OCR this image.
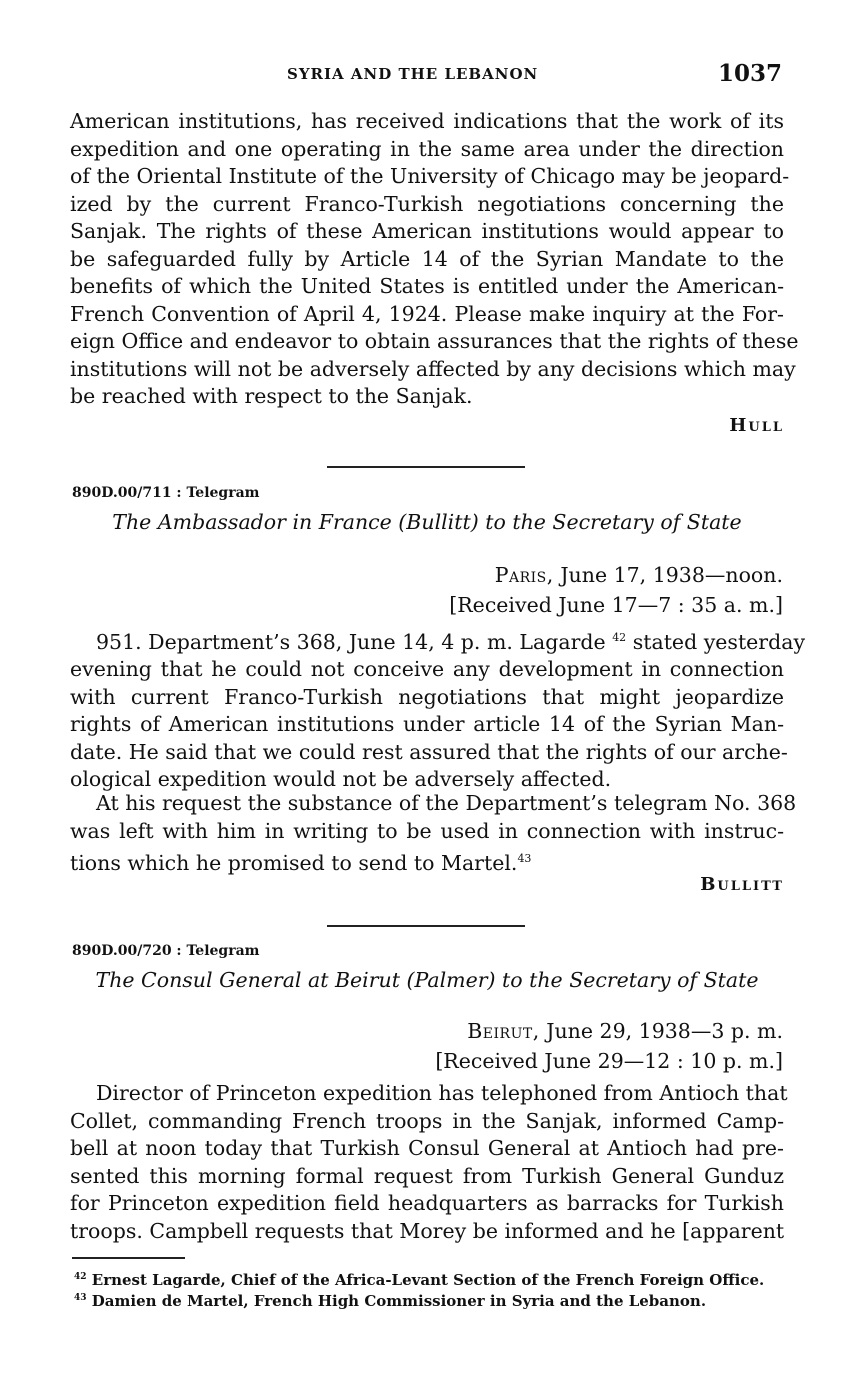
SYRIA AND THE LEBANON	1037
American institutions, has received indications that the work of its
expedition and one operating in the same area under the direction
of the Oriental Institute of the University of Chicago may be jeopard-
ized by the current Franco-Turkish negotiations concerning the
Sanjak. The rights of these American institutions would appear to
be safeguarded fully by Article 14 of the Syrian Mandate to the
benefits of which the United States is entitled under the American-
French Convention of April 4, 1924. Please make inquiry at the For-
eign Office and endeavor to obtain assurances that the rights of these
institutions will not be adversely affected by any decisions which may
be reached with respect to the Sanjak.
Hull
890D.00/711 : Telegram
The Ambassador in France (Bullitt) to the Secretary of State
Paris, June 17, 1938—noon.
[Received June 17—7 : 35 a. m.]
951. Department’s 368, June 14, 4 p. m. Lagarde $^{42}$ stated yesterday
evening that he could not conceive any development in connection
with current Franco-Turkish negotiations that might jeopardize
rights of American institutions under article 14 of the Syrian Man-
date. He said that we could rest assured that the rights of our arche-
ological expedition would not be adversely affected.
At his request the substance of the Department’s telegram No. 368
was left with him in writing to be used in connection with instruc-
tions which he promised to send to Martel.$^{43}$
Bullitt
890D.00/720 : Telegram
The Consul General at Beirut (Palmer) to the Secretary of State
Beirut, June 29, 1938—3 p. m.
[Received June 29—12 : 10 p. m.]
Director of Princeton expedition has telephoned from Antioch that
Collet, commanding French troops in the Sanjak, informed Camp-
bell at noon today that Turkish Consul General at Antioch had pre-
sented this morning formal request from Turkish General Gunduz
for Princeton expedition field headquarters as barracks for Turkish
troops. Campbell requests that Morey be informed and he [apparent
$^{42}$ Ernest Lagarde, Chief of the Africa-Levant Section of the French Foreign Office.
$^{43}$ Damien de Martel, French High Commissioner in Syria and the Lebanon.
